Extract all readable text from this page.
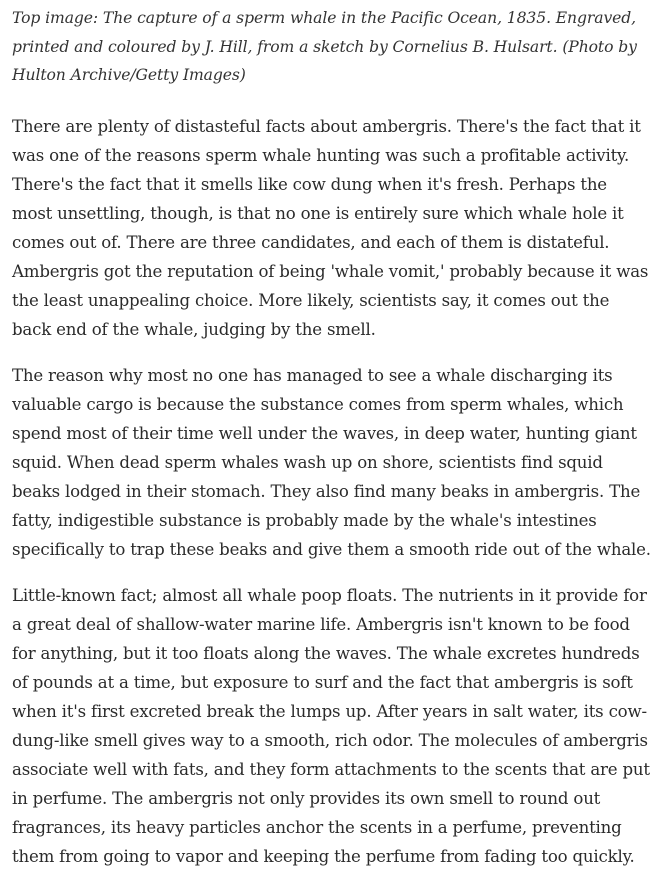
Top image: The capture of a sperm whale in the Pacific Ocean, 1835. Engraved, printed and coloured by J. Hill, from a sketch by Cornelius B. Hulsart. (Photo by Hulton Archive/Getty Images)

There are plenty of distasteful facts about ambergris. There's the fact that it was one of the reasons sperm whale hunting was such a profitable activity. There's the fact that it smells like cow dung when it's fresh. Perhaps the most unsettling, though, is that no one is entirely sure which whale hole it comes out of. There are three candidates, and each of them is distateful. Ambergris got the reputation of being 'whale vomit,' probably because it was the least unappealing choice. More likely, scientists say, it comes out the back end of the whale, judging by the smell.

The reason why most no one has managed to see a whale discharging its valuable cargo is because the substance comes from sperm whales, which spend most of their time well under the waves, in deep water, hunting giant squid. When dead sperm whales wash up on shore, scientists find squid beaks lodged in their stomach. They also find many beaks in ambergris. The fatty, indigestible substance is probably made by the whale's intestines specifically to trap these beaks and give them a smooth ride out of the whale.

Little-known fact; almost all whale poop floats. The nutrients in it provide for a great deal of shallow-water marine life. Ambergris isn't known to be food for anything, but it too floats along the waves. The whale excretes hundreds of pounds at a time, but exposure to surf and the fact that ambergris is soft when it's first excreted break the lumps up. After years in salt water, its cow-dung-like smell gives way to a smooth, rich odor. The molecules of ambergris associate well with fats, and they form attachments to the scents that are put in perfume. The ambergris not only provides its own smell to round out fragrances, its heavy particles anchor the scents in a perfume, preventing them from going to vapor and keeping the perfume from fading too quickly.
